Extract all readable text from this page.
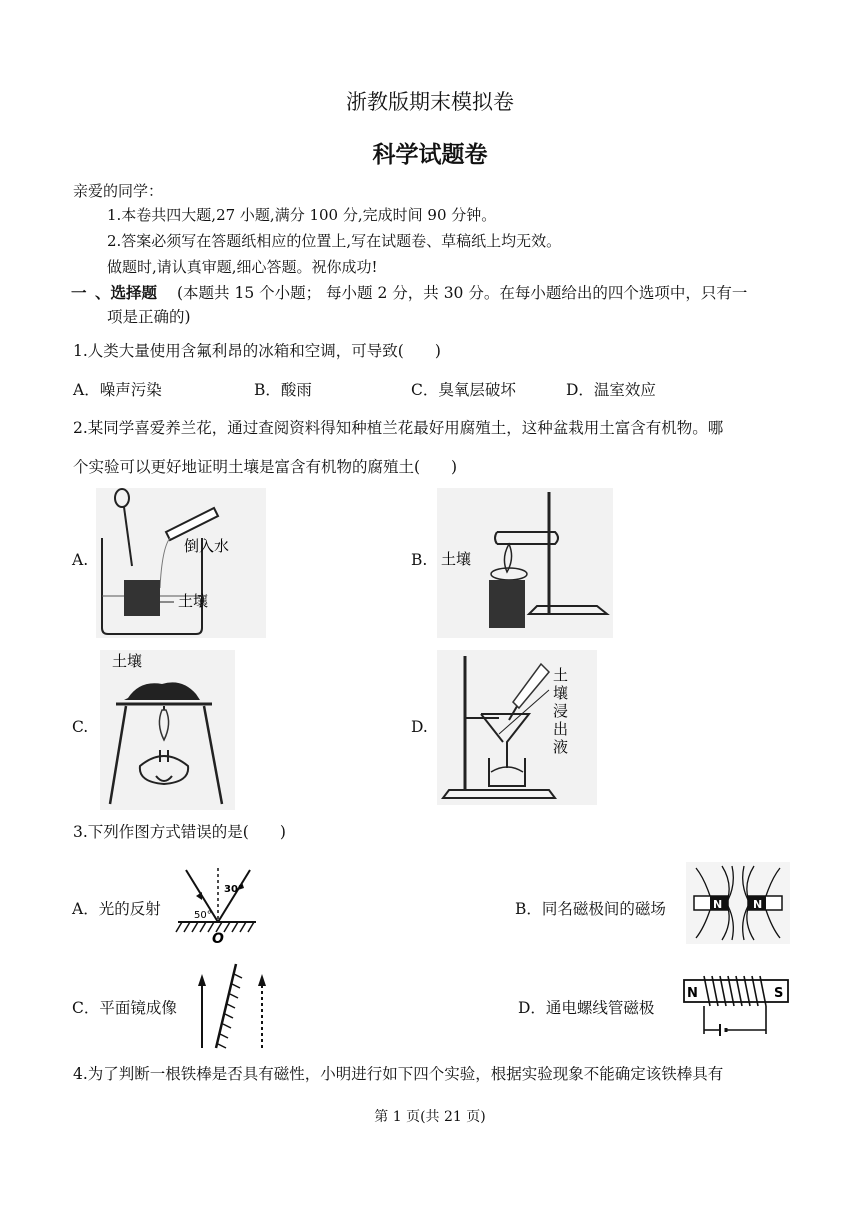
浙教版期末模拟卷
科学试题卷
亲爱的同学：
1.本卷共四大题,27 小题,满分 100 分,完成时间 90 分钟。
2.答案必须写在答题纸相应的位置上,写在试题卷、草稿纸上均无效。
做题时,请认真审题,细心答题。祝你成功!
一 、选择题 (本题共 15 个小题； 每小题 2 分，共 30 分。在每小题给出的四个选项中，只有一
项是正确的)
1.人类大量使用含氟利昂的冰箱和空调，可导致(　　)
A．噪声污染	B．酸雨	C．臭氧层破坏	D．温室效应
2.某同学喜爱养兰花，通过查阅资料得知种植兰花最好用腐殖土，这种盆栽用土富含有机物。哪
个实验可以更好地证明土壤是富含有机物的腐殖土(　　)
A.	B.
C.	D.
倒入水
土壤
土壤
土壤
土 壤 浸 出 液
3.下列作图方式错误的是(　　)
A．光的反射	B．同名磁极间的磁场
C．平面镜成像	D．通电螺线管磁极
50°
30°
O
N	N
N	S
4.为了判断一根铁棒是否具有磁性，小明进行如下四个实验，根据实验现象不能确定该铁棒具有
第 1 页(共 21 页)
